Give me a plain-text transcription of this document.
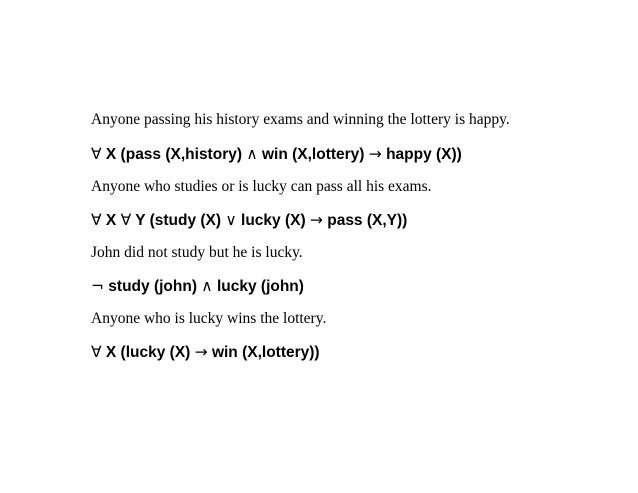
Anyone passing his history exams and winning the lottery is happy.
∀ X (pass (X,history) ∧ win (X,lottery) → happy (X))
Anyone who studies or is lucky can pass all his exams.
∀ X ∀ Y (study (X) ∨ lucky (X) → pass (X,Y))
John did not study but he is lucky.
¬ study (john) ∧ lucky (john)
Anyone who is lucky wins the lottery.
∀ X (lucky (X) → win (X,lottery))
